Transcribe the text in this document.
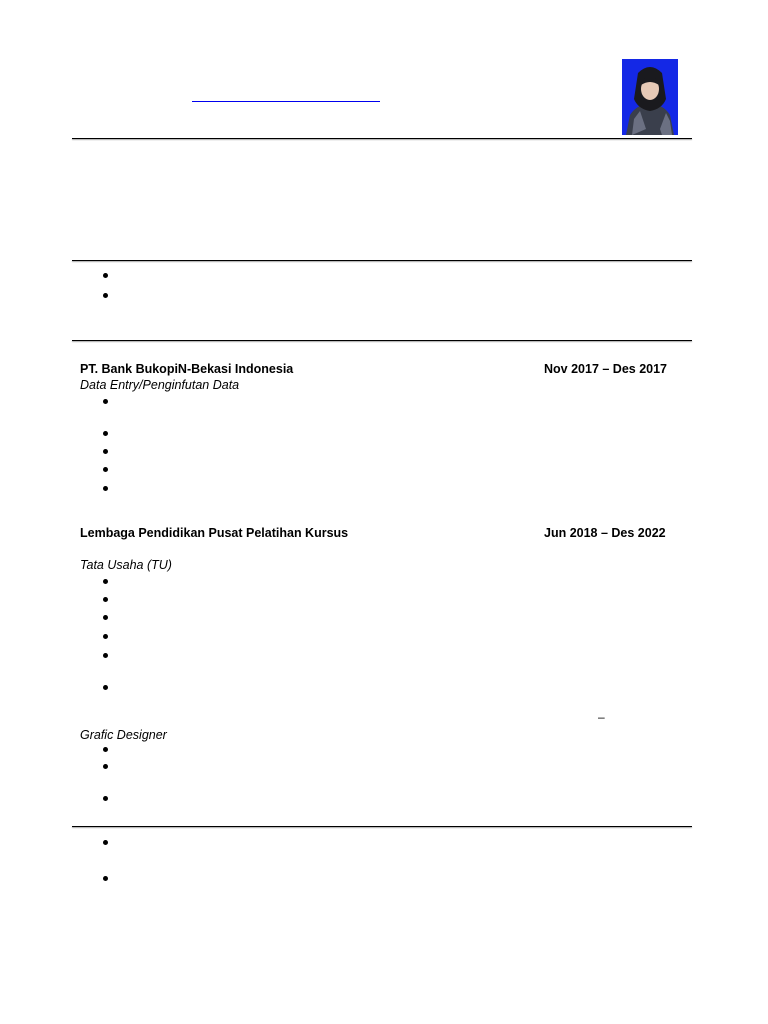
PT. Bank BukopiN-Bekasi Indonesia	Nov 2017 – Des 2017
Data Entry/Penginfutan Data
Lembaga Pendidikan Pusat Pelatihan Kursus	Jun 2018 – Des 2022
Tata Usaha (TU)
–
Grafic Designer
